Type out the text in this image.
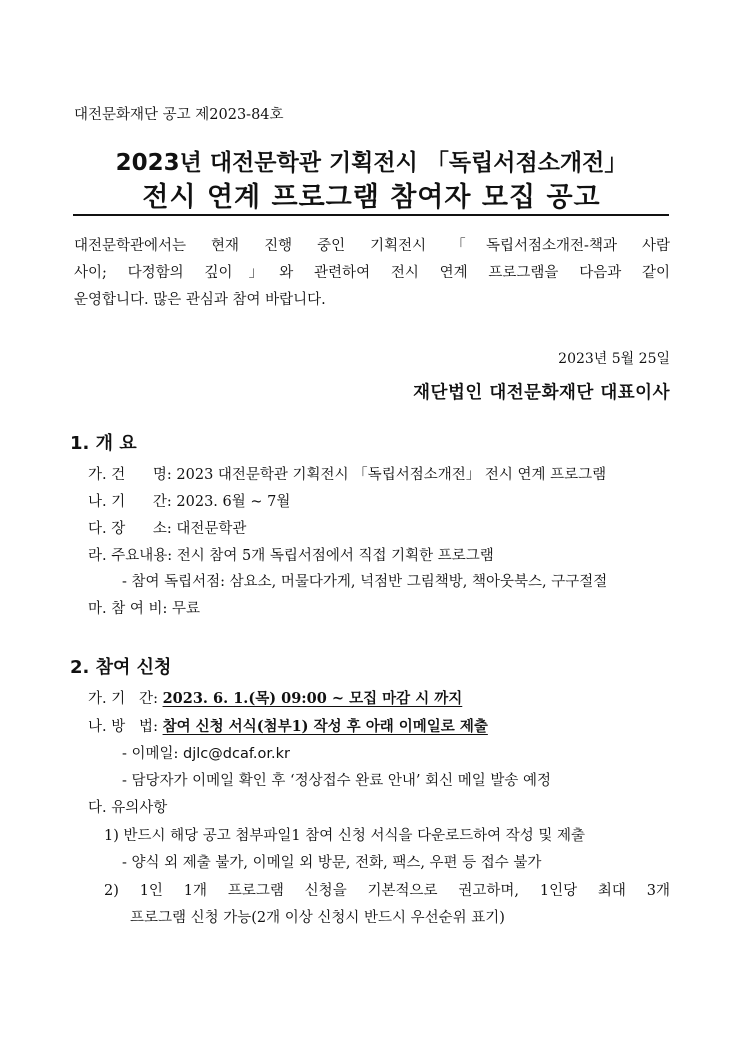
대전문화재단 공고 제2023-84호
2023년 대전문학관 기획전시 「독립서점소개전」
전시 연계 프로그램 참여자 모집 공고
대전문학관에서는 현재 진행 중인 기획전시 「독립서점소개전-책과 사람
사이; 다정함의 깊이」와 관련하여 전시 연계 프로그램을 다음과 같이
운영합니다. 많은 관심과 참여 바랍니다.
2023년 5월 25일
재단법인 대전문화재단 대표이사
1. 개 요
가. 건      명: 2023 대전문학관 기획전시 「독립서점소개전」 전시 연계 프로그램
나. 기      간: 2023. 6월 ~ 7월
다. 장      소: 대전문학관
라. 주요내용: 전시 참여 5개 독립서점에서 직접 기획한 프로그램
- 참여 독립서점: 삼요소, 머물다가게, 넉점반 그림책방, 책아웃북스, 구구절절
마. 참 여 비: 무료
2. 참여 신청
가. 기   간: 2023. 6. 1.(목) 09:00 ~ 모집 마감 시 까지
나. 방   법: 참여 신청 서식(첨부1) 작성 후 아래 이메일로 제출
- 이메일: djlc@dcaf.or.kr
- 담당자가 이메일 확인 후 ‘정상접수 완료 안내’ 회신 메일 발송 예정
다. 유의사항
1) 반드시 해당 공고 첨부파일1 참여 신청 서식을 다운로드하여 작성 및 제출
- 양식 외 제출 불가, 이메일 외 방문, 전화, 팩스, 우편 등 접수 불가
2) 1인 1개 프로그램 신청을 기본적으로 권고하며, 1인당 최대 3개
프로그램 신청 가능(2개 이상 신청시 반드시 우선순위 표기)
